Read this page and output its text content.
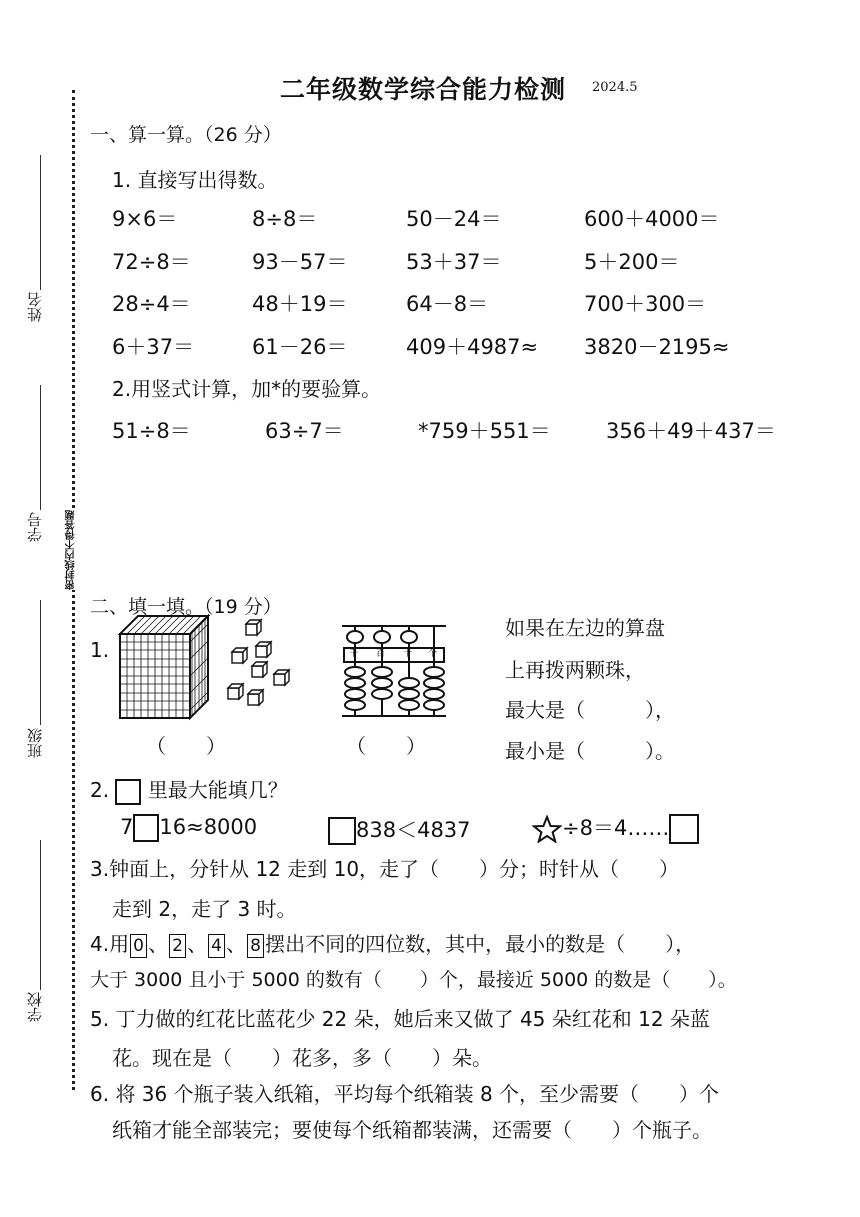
二年级数学综合能力检测 2024.5
密封线内不得答题
姓名
学号
班级
学校
一、算一算。（26 分）
1. 直接写出得数。
9×6＝	8÷8＝	50－24＝	600＋4000＝
72÷8＝	93－57＝	53＋37＝	5＋200＝
28÷4＝	48＋19＝	64－8＝	700＋300＝
6＋37＝	61－26＝	409＋4987≈ 3820－2195≈
2.用竖式计算，加*的要验算。
51÷8＝	63÷7＝	*759＋551＝	356＋49＋437＝
二、填一填。（19 分）
1.	千 百 十 个
（　　）	（　　）
如果在左边的算盘
上再拨两颗珠，
最大是（　　　），
最小是（　　　）。
2. 里最大能填几？
7 16≈8000	838＜4837	÷8＝4……
3.钟面上，分针从 12 走到 10，走了（　　）分；时针从（　　）
走到 2，走了 3 时。
4.用 0 、 2 、 4 、 8 摆出不同的四位数，其中，最小的数是（　　），
大于 3000 且小于 5000 的数有（　　）个，最接近 5000 的数是（　　）。
5. 丁力做的红花比蓝花少 22 朵，她后来又做了 45 朵红花和 12 朵蓝
花。现在是（　　）花多，多（　　）朵。
6. 将 36 个瓶子装入纸箱，平均每个纸箱装 8 个，至少需要（　　）个
纸箱才能全部装完；要使每个纸箱都装满，还需要（　　）个瓶子。
